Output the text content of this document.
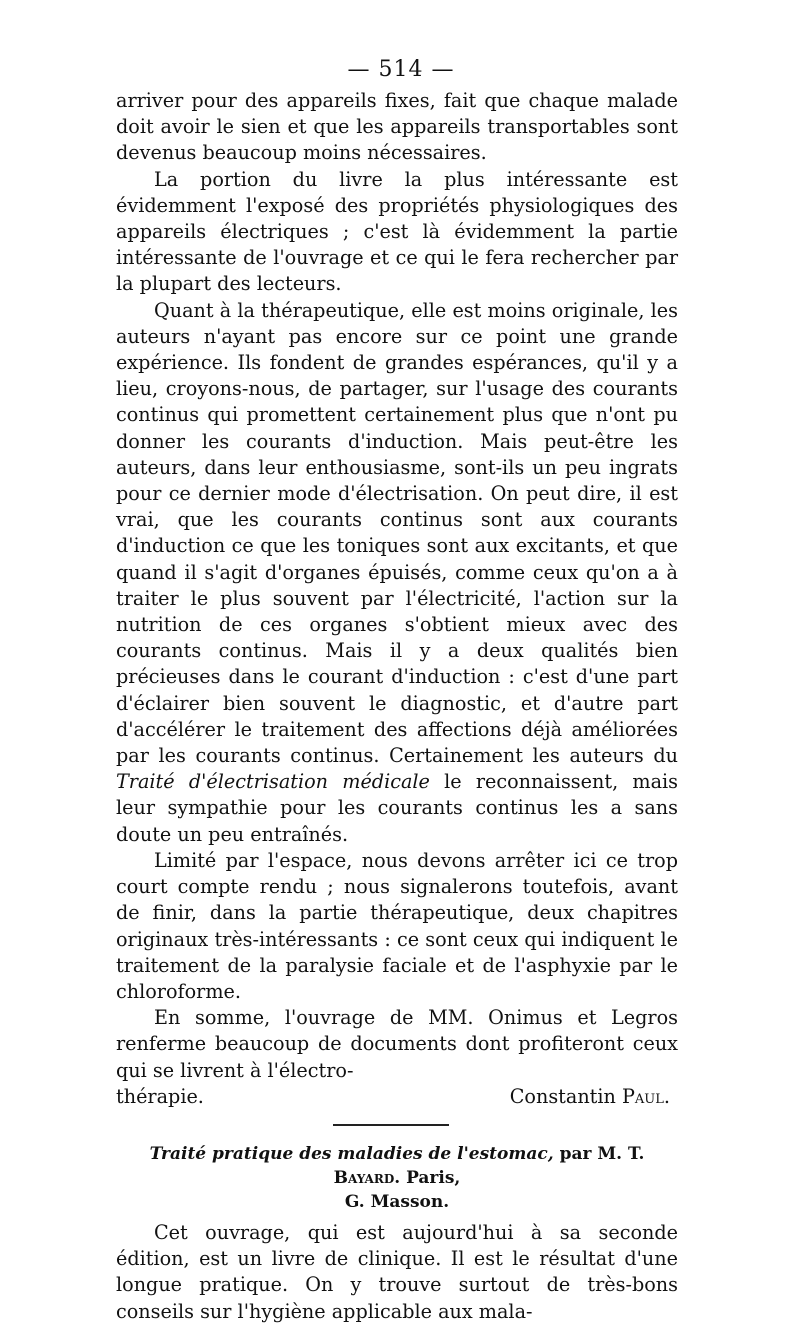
— 514 —

arriver pour des appareils fixes, fait que chaque malade doit avoir le sien et que les appareils transportables sont devenus beaucoup moins nécessaires.

La portion du livre la plus intéressante est évidemment l'exposé des propriétés physiologiques des appareils électriques ; c'est là évidemment la partie intéressante de l'ouvrage et ce qui le fera rechercher par la plupart des lecteurs.

Quant à la thérapeutique, elle est moins originale, les auteurs n'ayant pas encore sur ce point une grande expérience. Ils fondent de grandes espérances, qu'il y a lieu, croyons-nous, de partager, sur l'usage des courants continus qui promettent certainement plus que n'ont pu donner les courants d'induction. Mais peut-être les auteurs, dans leur enthousiasme, sont-ils un peu ingrats pour ce dernier mode d'électrisation. On peut dire, il est vrai, que les courants continus sont aux courants d'induction ce que les toniques sont aux excitants, et que quand il s'agit d'organes épuisés, comme ceux qu'on a à traiter le plus souvent par l'électricité, l'action sur la nutrition de ces organes s'obtient mieux avec des courants continus. Mais il y a deux qualités bien précieuses dans le courant d'induction : c'est d'une part d'éclairer bien souvent le diagnostic, et d'autre part d'accélérer le traitement des affections déjà améliorées par les courants continus. Certainement les auteurs du Traité d'électrisation médicale le reconnaissent, mais leur sympathie pour les courants continus les a sans doute un peu entraînés.

Limité par l'espace, nous devons arrêter ici ce trop court compte rendu ; nous signalerons toutefois, avant de finir, dans la partie thérapeutique, deux chapitres originaux très-intéressants : ce sont ceux qui indiquent le traitement de la paralysie faciale et de l'asphyxie par le chloroforme.

En somme, l'ouvrage de MM. Onimus et Legros renferme beaucoup de documents dont profiteront ceux qui se livrent à l'électro-

thérapie.	Constantin Paul.

Traité pratique des maladies de l'estomac, par M. T. Bayard. Paris,
G. Masson.

Cet ouvrage, qui est aujourd'hui à sa seconde édition, est un livre de clinique. Il est le résultat d'une longue pratique. On y trouve surtout de très-bons conseils sur l'hygiène applicable aux mala-
